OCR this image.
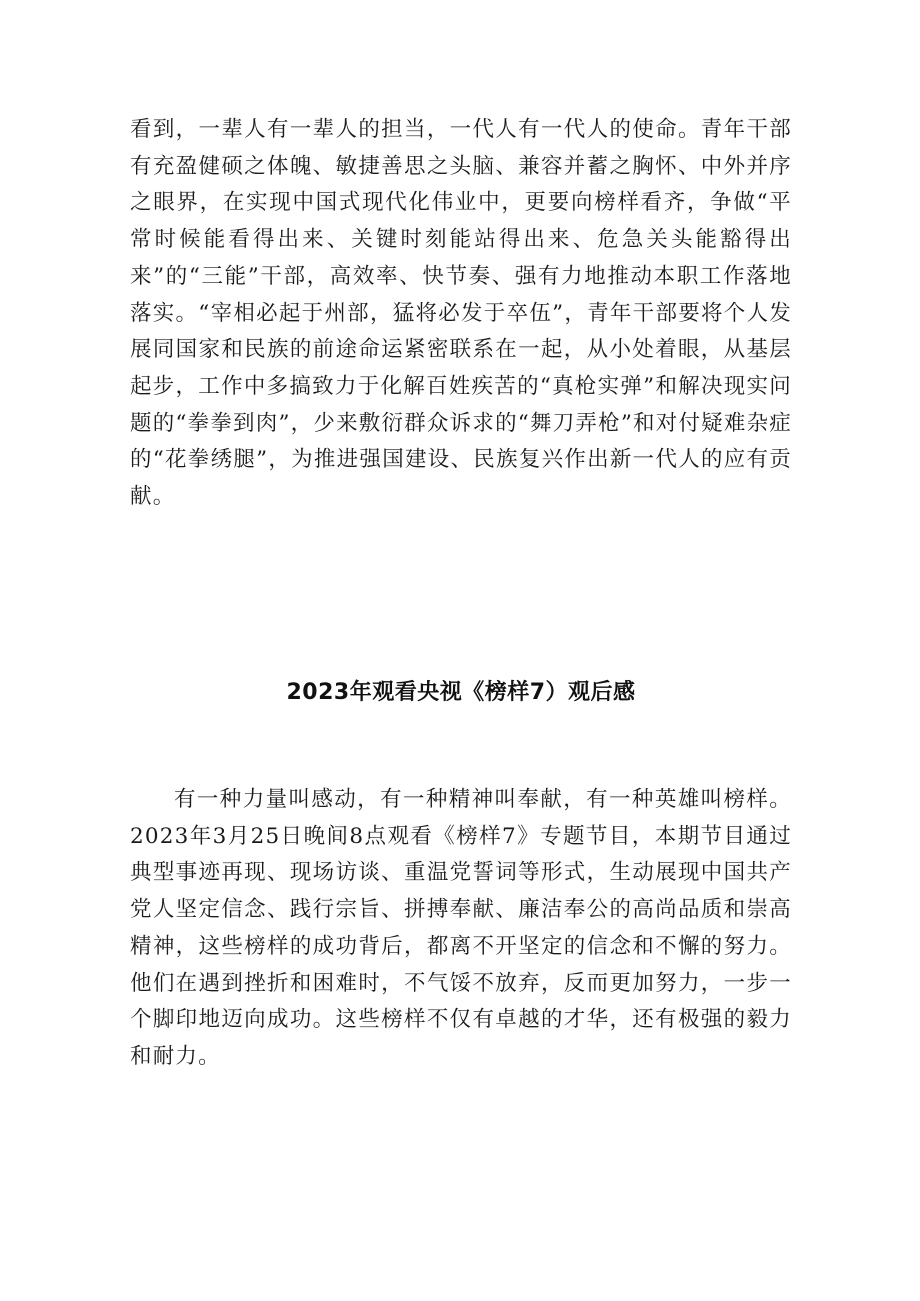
看到，一辈人有一辈人的担当，一代人有一代人的使命。青年干部有充盈健硕之体魄、敏捷善思之头脑、兼容并蓄之胸怀、中外并序之眼界，在实现中国式现代化伟业中，更要向榜样看齐，争做“平常时候能看得出来、关键时刻能站得出来、危急关头能豁得出来”的“三能”干部，高效率、快节奏、强有力地推动本职工作落地落实。“宰相必起于州部，猛将必发于卒伍”，青年干部要将个人发展同国家和民族的前途命运紧密联系在一起，从小处着眼，从基层起步，工作中多搞致力于化解百姓疾苦的“真枪实弹”和解决现实问题的“拳拳到肉”，少来敷衍群众诉求的“舞刀弄枪”和对付疑难杂症的“花拳绣腿”，为推进强国建设、民族复兴作出新一代人的应有贡献。

2023年观看央视《榜样7）观后感

有一种力量叫感动，有一种精神叫奉献，有一种英雄叫榜样。2023年3月25日晚间8点观看《榜样7》专题节目，本期节目通过典型事迹再现、现场访谈、重温党誓词等形式，生动展现中国共产党人坚定信念、践行宗旨、拼搏奉献、廉洁奉公的高尚品质和崇高精神，这些榜样的成功背后，都离不开坚定的信念和不懈的努力。他们在遇到挫折和困难时，不气馁不放弃，反而更加努力，一步一个脚印地迈向成功。这些榜样不仅有卓越的才华，还有极强的毅力和耐力。
